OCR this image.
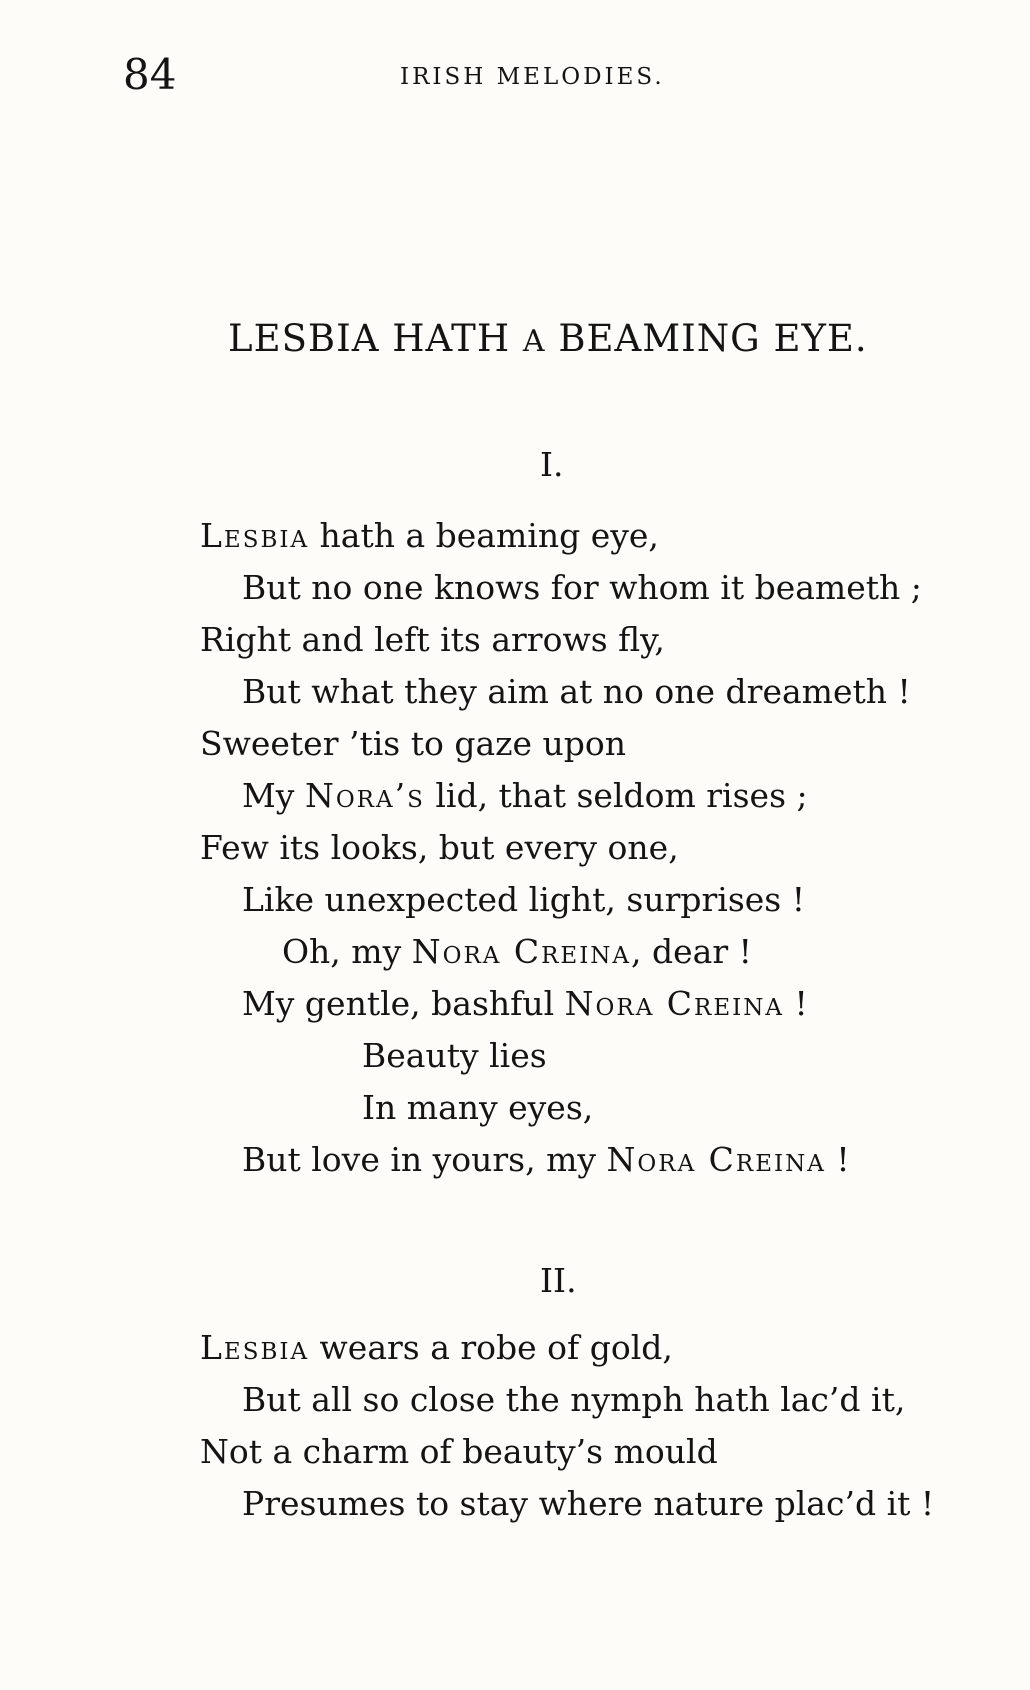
84	IRISH MELODIES.
LESBIA HATH A BEAMING EYE.
I.
Lesbia hath a beaming eye,
But no one knows for whom it beameth ;
Right and left its arrows fly,
But what they aim at no one dreameth !
Sweeter ’tis to gaze upon
My Nora’s lid, that seldom rises ;
Few its looks, but every one,
Like unexpected light, surprises !
Oh, my Nora Creina, dear !
My gentle, bashful Nora Creina !
Beauty lies
In many eyes,
But love in yours, my Nora Creina !
II.
Lesbia wears a robe of gold,
But all so close the nymph hath lac’d it,
Not a charm of beauty’s mould
Presumes to stay where nature plac’d it !
